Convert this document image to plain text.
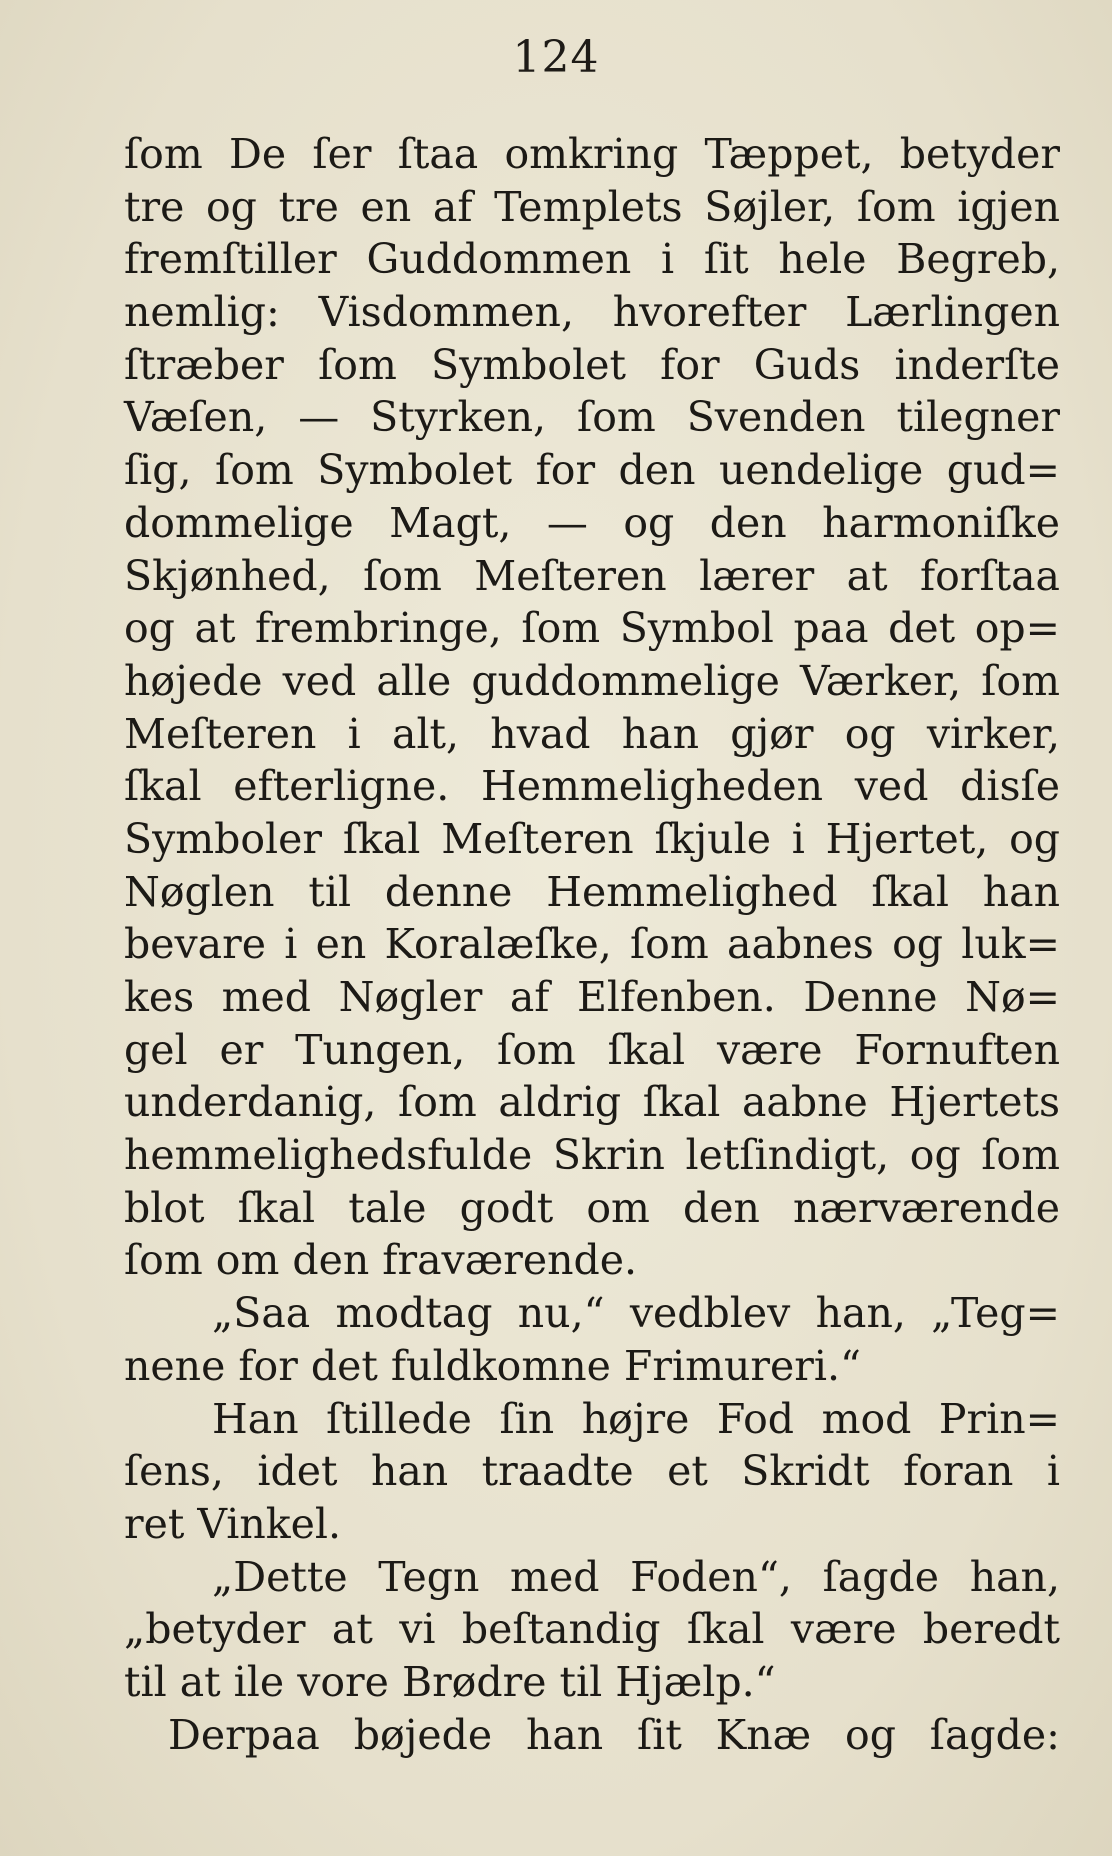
124
ſom De ſer ſtaa omkring Tæppet, betyder
tre og tre en af Templets Søjler, ſom igjen
fremſtiller Guddommen i ſit hele Begreb,
nemlig: Visdommen, hvorefter Lærlingen
ſtræber ſom Symbolet for Guds inderſte
Væſen, — Styrken, ſom Svenden tilegner
ſig, ſom Symbolet for den uendelige gud=
dommelige Magt, — og den harmoniſke
Skjønhed, ſom Meſteren lærer at forſtaa
og at frembringe, ſom Symbol paa det op=
højede ved alle guddommelige Værker, ſom
Meſteren i alt, hvad han gjør og virker,
ſkal efterligne. Hemmeligheden ved disſe
Symboler ſkal Meſteren ſkjule i Hjertet, og
Nøglen til denne Hemmelighed ſkal han
bevare i en Koralæſke, ſom aabnes og luk=
kes med Nøgler af Elfenben. Denne Nø=
gel er Tungen, ſom ſkal være Fornuften
underdanig, ſom aldrig ſkal aabne Hjertets
hemmelighedsfulde Skrin letſindigt, og ſom
blot ſkal tale godt om den nærværende
ſom om den fraværende.
„Saa modtag nu,“ vedblev han, „Teg=
nene for det fuldkomne Frimureri.“
Han ſtillede ſin højre Fod mod Prin=
ſens, idet han traadte et Skridt foran i
ret Vinkel.
„Dette Tegn med Foden“, ſagde han,
„betyder at vi beſtandig ſkal være beredt
til at ile vore Brødre til Hjælp.“
Derpaa bøjede han ſit Knæ og ſagde:
